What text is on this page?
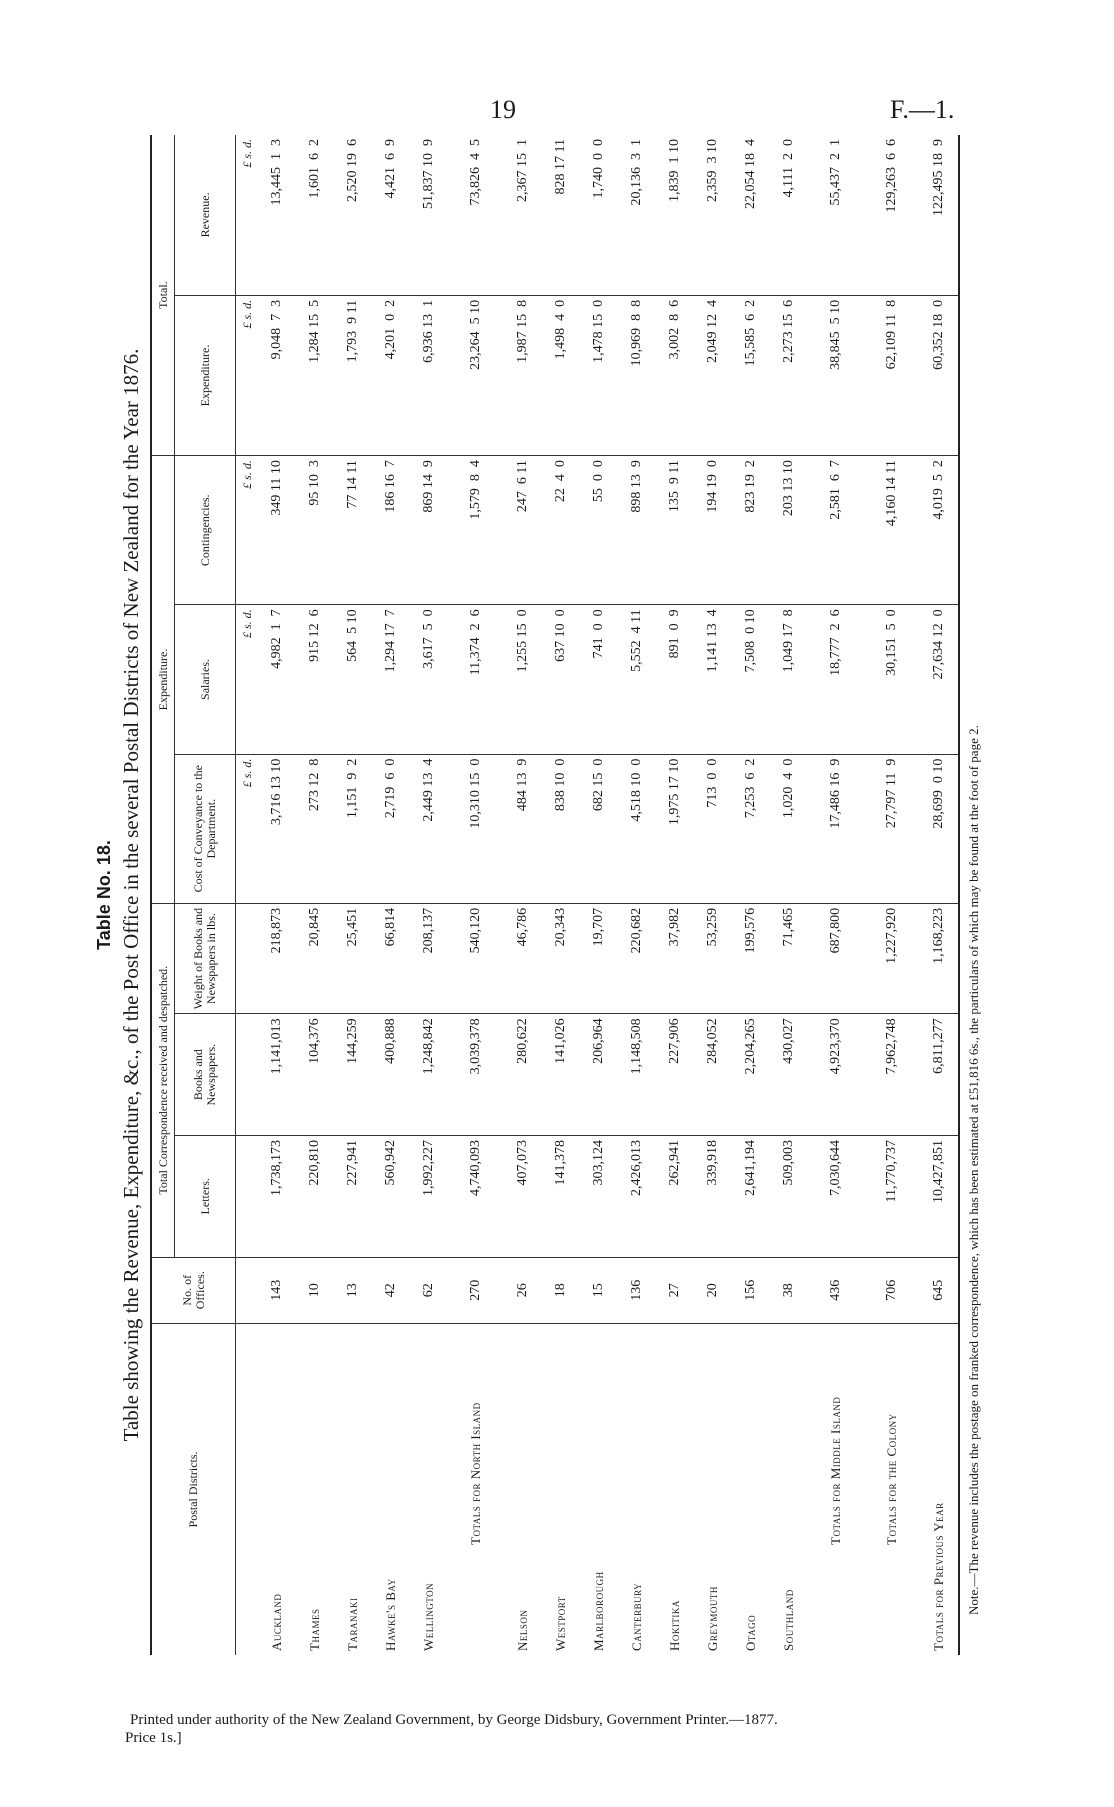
19	F.—1.

Table No. 18. Table showing the Revenue, Expenditure, &c., of the Post Office in the several Postal Districts of New Zealand for the Year 1876.

Postal Districts.	No. of Offices.	Total Correspondence received and despatched.			Expenditure.			Total.	
		Letters.	Books and Newspapers.	Weight of Books and Newspapers in lbs.	Cost of Conveyance to the Department.	Salaries.	Contingencies.	Expenditure.	Revenue.
					£ s. d.	£ s. d.	£ s. d.	£ s. d.	£ s. d.
Auckland	143	1,738,173	1,141,013	218,873	3,716 13 10	4,982  1  7	349 11 10	9,048  7  3	13,445  1  3
Thames	10	220,810	104,376	20,845	273 12  8	915 12  6	95 10  3	1,284 15  5	1,601  6  2
Taranaki	13	227,941	144,259	25,451	1,151  9  2	564  5 10	77 14 11	1,793  9 11	2,520 19  6
Hawke's Bay	42	560,942	400,888	66,814	2,719  6  0	1,294 17  7	186 16  7	4,201  0  2	4,421  6  9
Wellington	62	1,992,227	1,248,842	208,137	2,449 13  4	3,617  5  0	869 14  9	6,936 13  1	51,837 10  9
Totals for North Island	270	4,740,093	3,039,378	540,120	10,310 15  0	11,374  2  6	1,579  8  4	23,264  5 10	73,826  4  5
Nelson	26	407,073	280,622	46,786	484 13  9	1,255 15  0	247  6 11	1,987 15  8	2,367 15  1
Westport	18	141,378	141,026	20,343	838 10  0	637 10  0	22  4  0	1,498  4  0	828 17 11
Marlborough	15	303,124	206,964	19,707	682 15  0	741  0  0	55  0  0	1,478 15  0	1,740  0  0
Canterbury	136	2,426,013	1,148,508	220,682	4,518 10  0	5,552  4 11	898 13  9	10,969  8  8	20,136  3  1
Hokitika	27	262,941	227,906	37,982	1,975 17 10	891  0  9	135  9 11	3,002  8  6	1,839  1 10
Greymouth	20	339,918	284,052	53,259	713  0  0	1,141 13  4	194 19  0	2,049 12  4	2,359  3 10
Otago	156	2,641,194	2,204,265	199,576	7,253  6  2	7,508  0 10	823 19  2	15,585  6  2	22,054 18  4
Southland	38	509,003	430,027	71,465	1,020  4  0	1,049 17  8	203 13 10	2,273 15  6	4,111  2  0
Totals for Middle Island	436	7,030,644	4,923,370	687,800	17,486 16  9	18,777  2  6	2,581  6  7	38,845  5 10	55,437  2  1
Totals for the Colony	706	11,770,737	7,962,748	1,227,920	27,797 11  9	30,151  5  0	4,160 14 11	62,109 11  8	129,263  6  6
Totals for Previous Year	645	10,427,851	6,811,277	1,168,223	28,699  0 10	27,634 12  0	4,019  5  2	60,352 18  0	122,495 18  9
Note.—The revenue includes the postage on franked correspondence, which has been estimated at £51,816 6s., the particulars of which may be found at the foot of page 2.
Printed under authority of the New Zealand Government, by George Didsbury, Government Printer.—1877.
Price 1s.]
